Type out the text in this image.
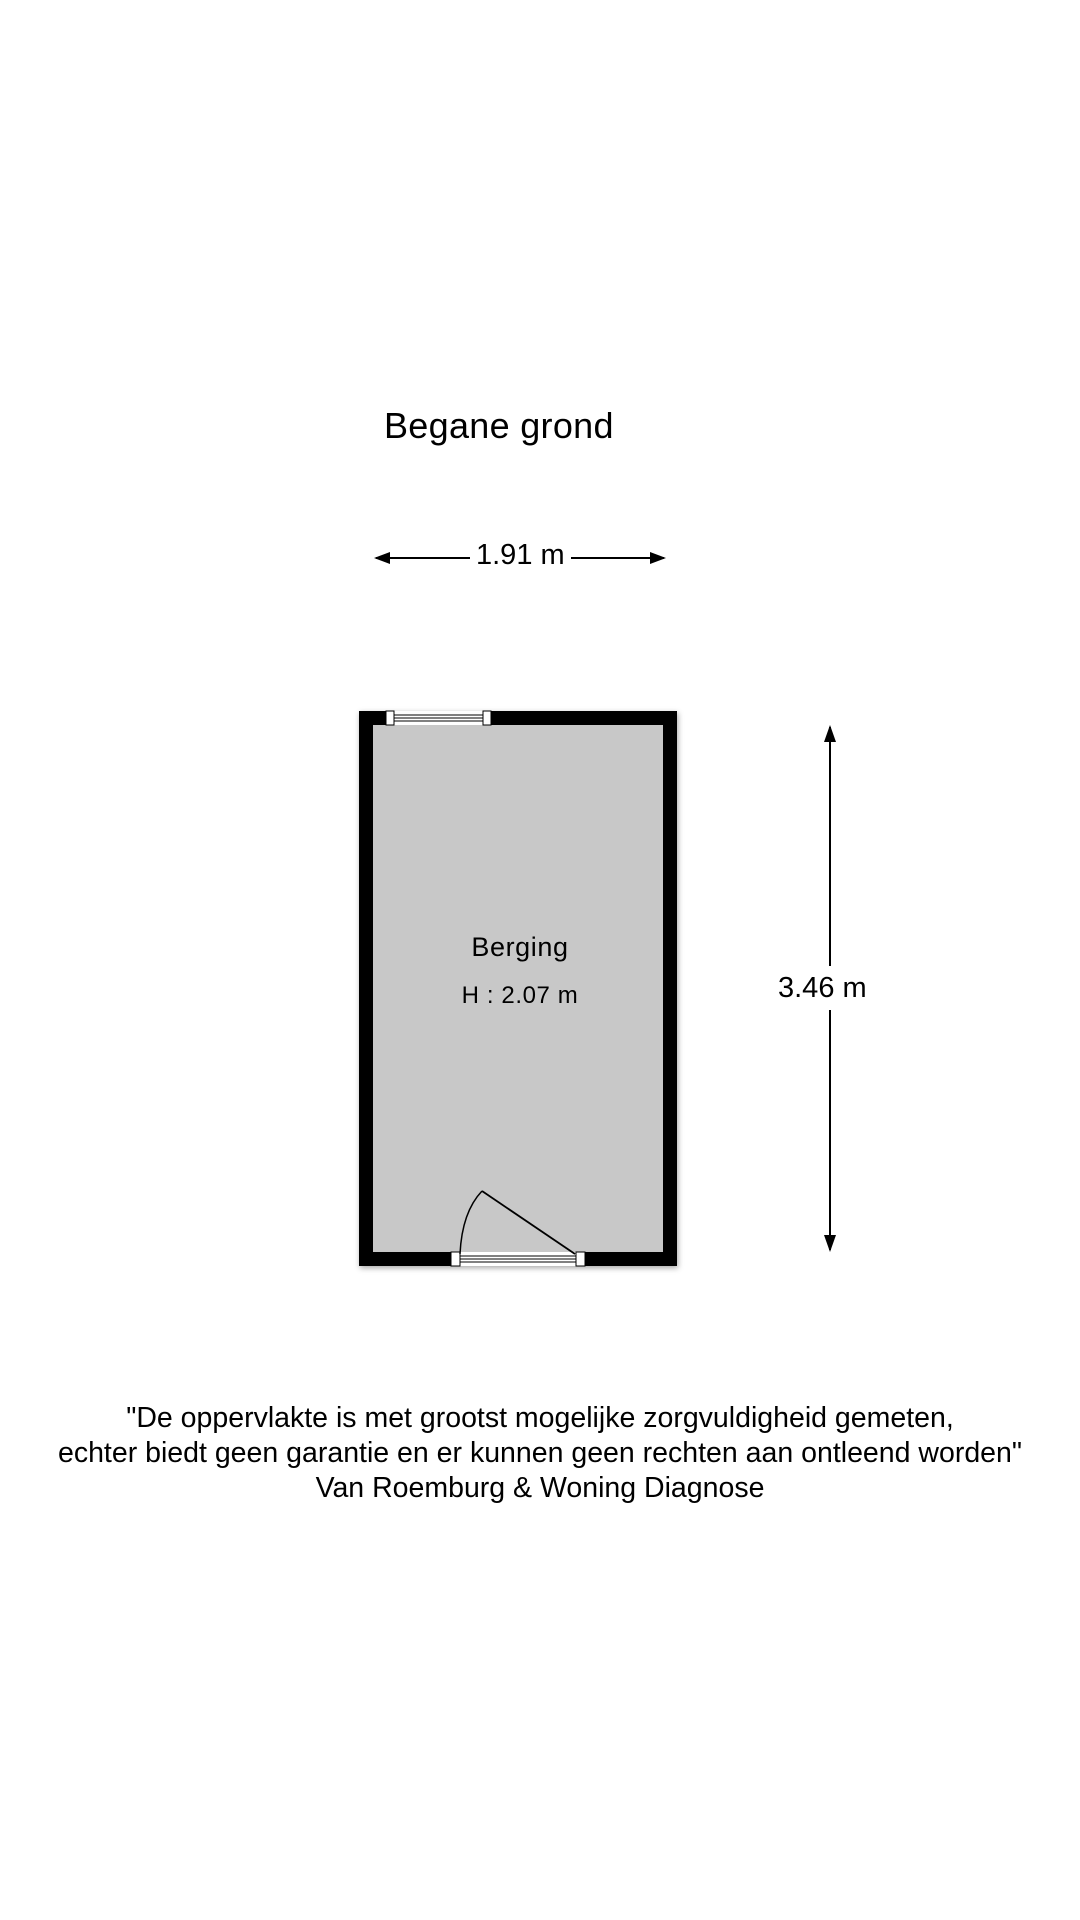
Begane grond
1.91 m
3.46 m
Berging
H : 2.07 m
"De oppervlakte is met grootst mogelijke zorgvuldigheid gemeten,
echter biedt geen garantie en er kunnen geen rechten aan ontleend worden"
Van Roemburg & Woning Diagnose
